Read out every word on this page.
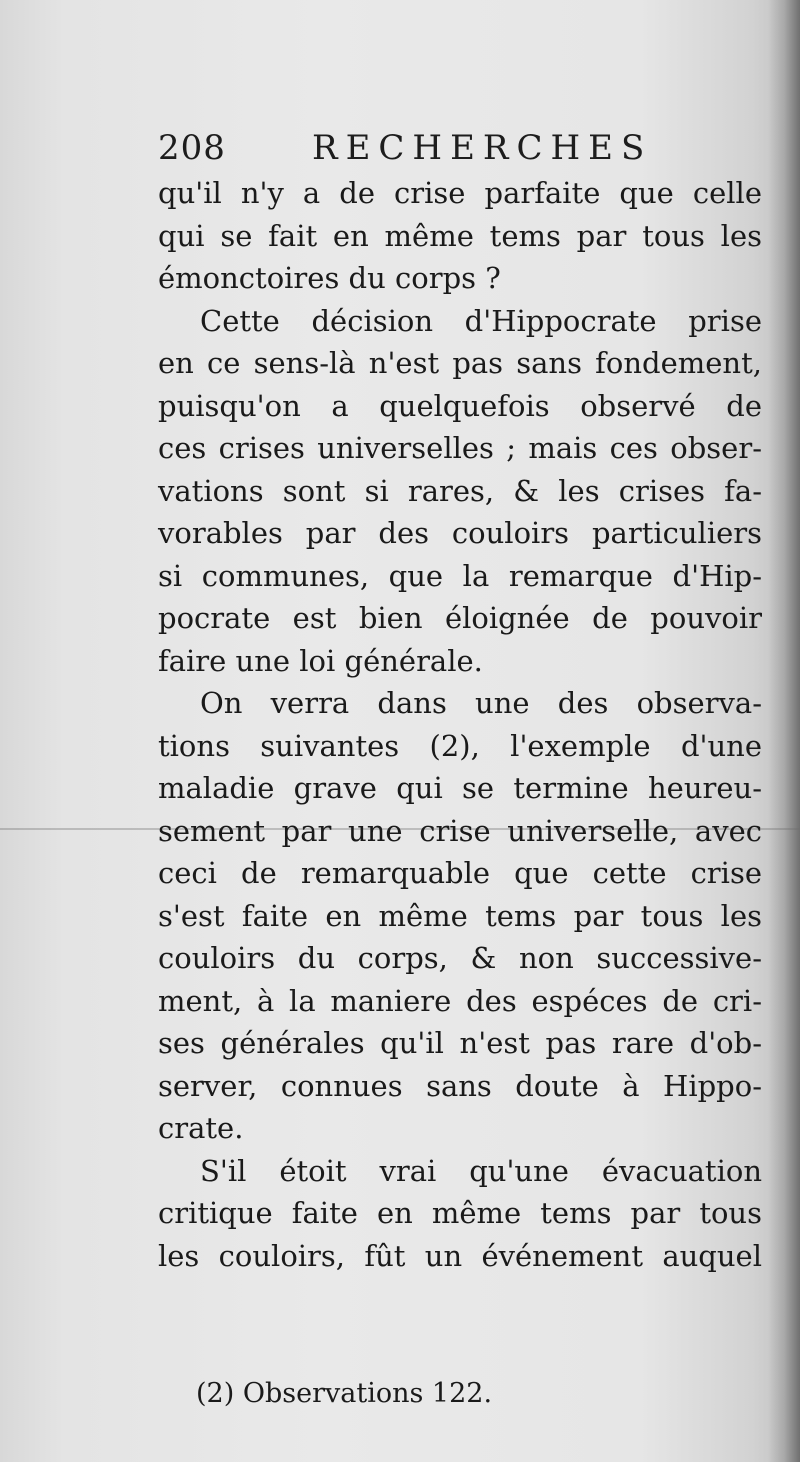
208	RECHERCHES
qu'il n'y a de crise parfaite que celle
qui se fait en même tems par tous les
émonctoires du corps ?
Cette décision d'Hippocrate prise
en ce sens-là n'est pas sans fondement,
puisqu'on a quelquefois observé de
ces crises universelles ; mais ces obser-
vations sont si rares, & les crises fa-
vorables par des couloirs particuliers
si communes, que la remarque d'Hip-
pocrate est bien éloignée de pouvoir
faire une loi générale.
On verra dans une des observa-
tions suivantes (2), l'exemple d'une
maladie grave qui se termine heureu-
sement par une crise universelle, avec
ceci de remarquable que cette crise
s'est faite en même tems par tous les
couloirs du corps, & non successive-
ment, à la maniere des espéces de cri-
ses générales qu'il n'est pas rare d'ob-
server, connues sans doute à Hippo-
crate.
S'il étoit vrai qu'une évacuation
critique faite en même tems par tous
les couloirs, fût un événement auquel
(2) Observations 122.
